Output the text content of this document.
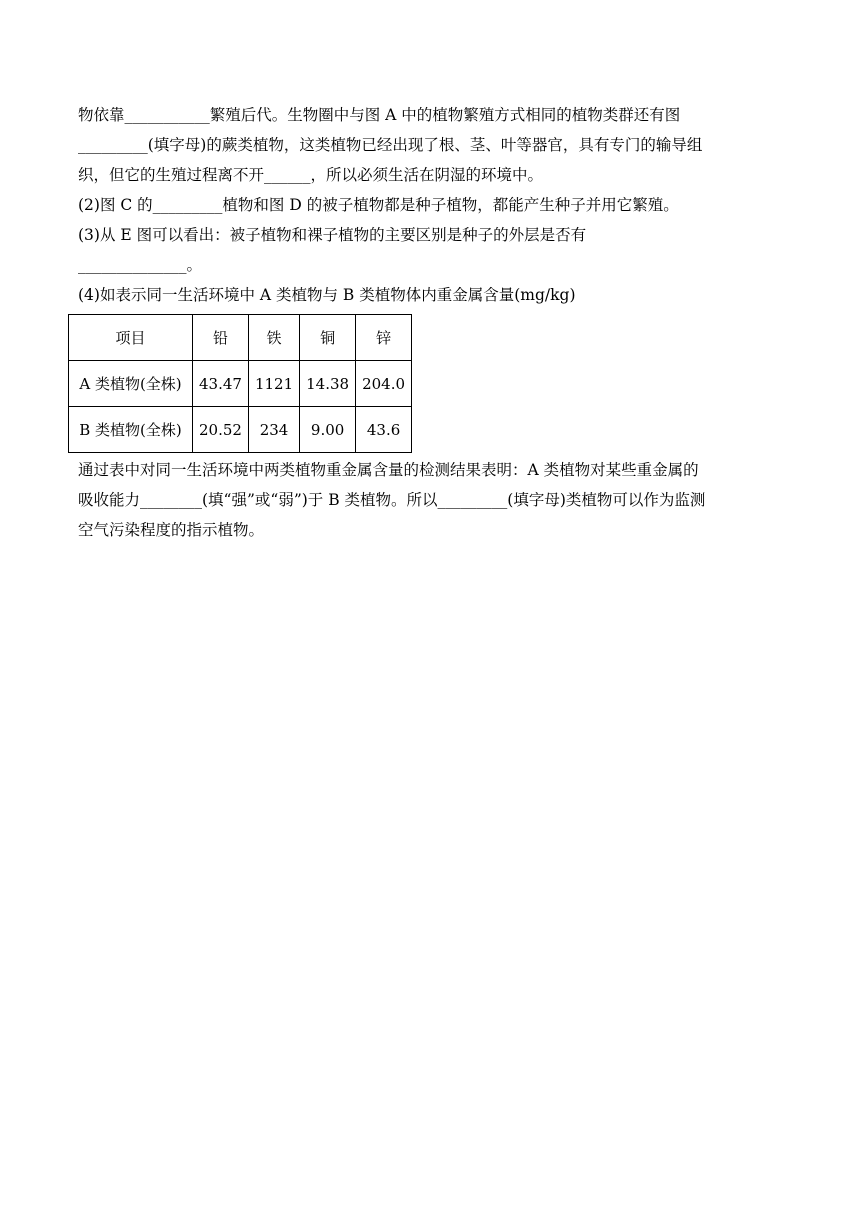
物依靠___________繁殖后代。生物圈中与图 A 中的植物繁殖方式相同的植物类群还有图

_________(填字母)的蕨类植物，这类植物已经出现了根、茎、叶等器官，具有专门的输导组

织，但它的生殖过程离不开______，所以必须生活在阴湿的环境中。

(2)图 C 的_________植物和图 D 的被子植物都是种子植物，都能产生种子并用它繁殖。

(3)从 E 图可以看出：被子植物和裸子植物的主要区别是种子的外层是否有

______________。

(4)如表示同一生活环境中 A 类植物与 B 类植物体内重金属含量(mg/kg)

项目	铅	铁	铜	锌
A 类植物(全株)	43.47	1121	14.38	204.0
B 类植物(全株)	20.52	234	9.00	43.6

通过表中对同一生活环境中两类植物重金属含量的检测结果表明：A 类植物对某些重金属的

吸收能力________(填“强”或“弱”)于 B 类植物。所以_________(填字母)类植物可以作为监测

空气污染程度的指示植物。
